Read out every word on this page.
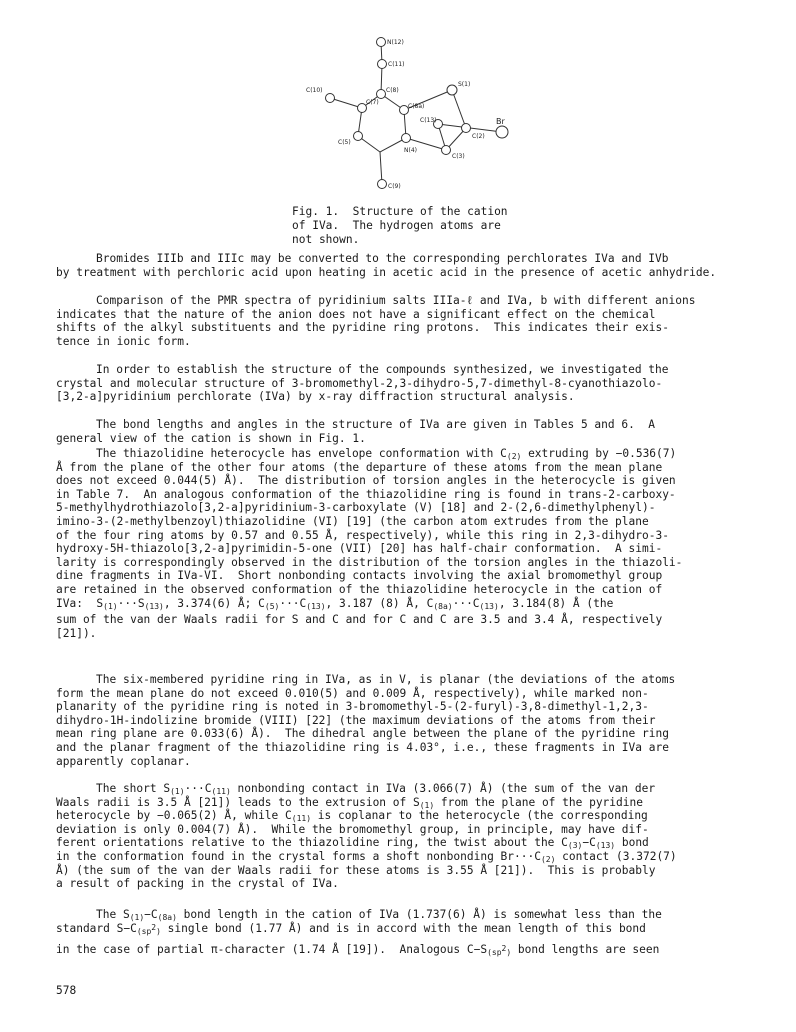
N(12)
C(11)
C(10)
C(7)
C(8)
C(8a)
S(1)
C(13)	Br
C(5)
N(4)
C(3)
C(2)
C(9)
Fig. 1.  Structure of the cation
of IVa.  The hydrogen atoms are
not shown.
Bromides IIIb and IIIc may be converted to the corresponding perchlorates IVa and IVb
by treatment with perchloric acid upon heating in acetic acid in the presence of acetic anhydride.
Comparison of the PMR spectra of pyridinium salts IIIa-ℓ and IVa, b with different anions
indicates that the nature of the anion does not have a significant effect on the chemical
shifts of the alkyl substituents and the pyridine ring protons.  This indicates their exis-
tence in ionic form.
In order to establish the structure of the compounds synthesized, we investigated the
crystal and molecular structure of 3-bromomethyl-2,3-dihydro-5,7-dimethyl-8-cyanothiazolo-
[3,2-a]pyridinium perchlorate (IVa) by x-ray diffraction structural analysis.
The bond lengths and angles in the structure of IVa are given in Tables 5 and 6.  A
general view of the cation is shown in Fig. 1.
The thiazolidine heterocycle has envelope conformation with $C_{(2)}$ extruding by −0.536(7)
Å from the plane of the other four atoms (the departure of these atoms from the mean plane
does not exceed 0.044(5) Å).  The distribution of torsion angles in the heterocycle is given
in Table 7.  An analogous conformation of the thiazolidine ring is found in trans-2-carboxy-
5-methylhydrothiazolo[3,2-a]pyridinium-3-carboxylate (V) [18] and 2-(2,6-dimethylphenyl)-
imino-3-(2-methylbenzoyl)thiazolidine (VI) [19] (the carbon atom extrudes from the plane
of the four ring atoms by 0.57 and 0.55 Å, respectively), while this ring in 2,3-dihydro-3-
hydroxy-5H-thiazolo[3,2-a]pyrimidin-5-one (VII) [20] has half-chair conformation.  A simi-
larity is correspondingly observed in the distribution of the torsion angles in the thiazoli-
dine fragments in IVa-VI.  Short nonbonding contacts involving the axial bromomethyl group
are retained in the observed conformation of the thiazolidine heterocycle in the cation of
IVa:  $S_{(1)}\cdot\cdot\cdot S_{(13)}$, 3.374(6) Å; $C_{(5)}\cdot\cdot\cdot C_{(13)}$, 3.187 (8) Å, $C_{(8a)}\cdot\cdot\cdot C_{(13)}$, 3.184(8) Å (the
sum of the van der Waals radii for S and C and for C and C are 3.5 and 3.4 Å, respectively
[21]).
The six-membered pyridine ring in IVa, as in V, is planar (the deviations of the atoms
form the mean plane do not exceed 0.010(5) and 0.009 Å, respectively), while marked non-
planarity of the pyridine ring is noted in 3-bromomethyl-5-(2-furyl)-3,8-dimethyl-1,2,3-
dihydro-1H-indolizine bromide (VIII) [22] (the maximum deviations of the atoms from their
mean ring plane are 0.033(6) Å).  The dihedral angle between the plane of the pyridine ring
and the planar fragment of the thiazolidine ring is 4.03°, i.e., these fragments in IVa are
apparently coplanar.
The short $S_{(1)}\cdot\cdot\cdot C_{(11)}$ nonbonding contact in IVa (3.066(7) Å) (the sum of the van der
Waals radii is 3.5 Å [21]) leads to the extrusion of $S_{(1)}$ from the plane of the pyridine
heterocycle by −0.065(2) Å, while $C_{(11)}$ is coplanar to the heterocycle (the corresponding
deviation is only 0.004(7) Å).  While the bromomethyl group, in principle, may have dif-
ferent orientations relative to the thiazolidine ring, the twist about the $C_{(3)}-C_{(13)}$ bond
in the conformation found in the crystal forms a shoft nonbonding $Br\cdot\cdot\cdot C_{(2)}$ contact (3.372(7)
Å) (the sum of the van der Waals radii for these atoms is 3.55 Å [21]).  This is probably
a result of packing in the crystal of IVa.
The $S_{(1)}-C_{(8a)}$ bond length in the cation of IVa (1.737(6) Å) is somewhat less than the
standard $S-C_{(sp^2)}$ single bond (1.77 Å) and is in accord with the mean length of this bond
in the case of partial π-character (1.74 Å [19]).  Analogous $C-S_{(sp^2)}$ bond lengths are seen
578
